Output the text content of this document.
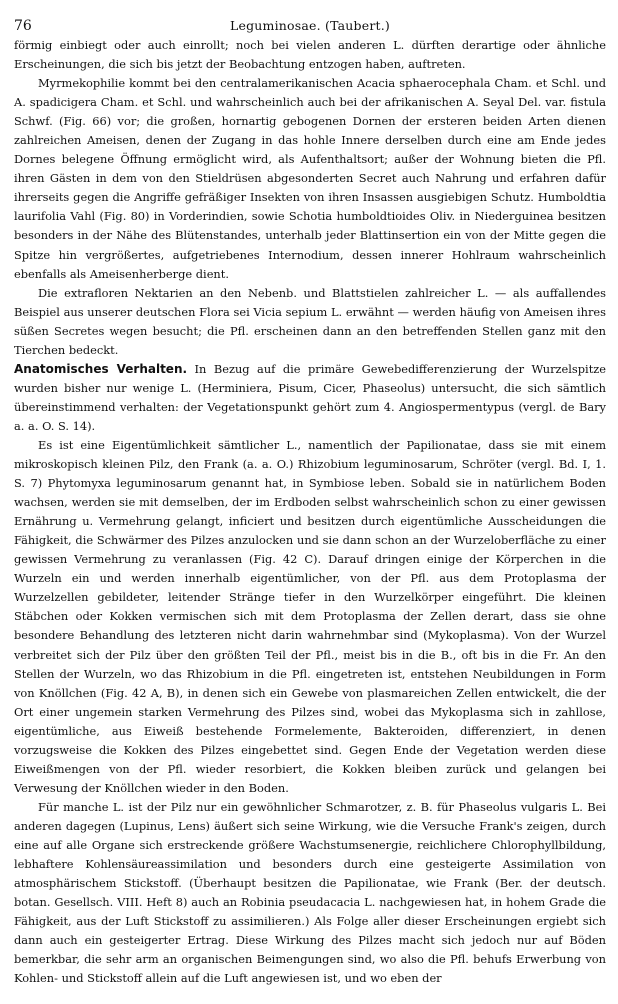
76	Leguminosae. (Taubert.)

förmig einbiegt oder auch einrollt; noch bei vielen anderen L. dürften derartige oder ähnliche Erscheinungen, die sich bis jetzt der Beobachtung entzogen haben, auftreten.

Myrmekophilie kommt bei den centralamerikanischen Acacia sphaerocephala Cham. et Schl. und A. spadicigera Cham. et Schl. und wahrscheinlich auch bei der afrikanischen A. Seyal Del. var. fistula Schwf. (Fig. 66) vor; die großen, hornartig gebogenen Dornen der ersteren beiden Arten dienen zahlreichen Ameisen, denen der Zugang in das hohle Innere derselben durch eine am Ende jedes Dornes belegene Öffnung ermöglicht wird, als Aufenthaltsort; außer der Wohnung bieten die Pfl. ihren Gästen in dem von den Stieldrüsen abgesonderten Secret auch Nahrung und erfahren dafür ihrerseits gegen die Angriffe gefräßiger Insekten von ihren Insassen ausgiebigen Schutz. Humboldtia laurifolia Vahl (Fig. 80) in Vorderindien, sowie Schotia humboldtioides Oliv. in Niederguinea besitzen besonders in der Nähe des Blütenstandes, unterhalb jeder Blattinsertion ein von der Mitte gegen die Spitze hin vergrößertes, aufgetriebenes Internodium, dessen innerer Hohlraum wahrscheinlich ebenfalls als Ameisenherberge dient.

Die extrafloren Nektarien an den Nebenb. und Blattstielen zahlreicher L. — als auffallendes Beispiel aus unserer deutschen Flora sei Vicia sepium L. erwähnt — werden häufig von Ameisen ihres süßen Secretes wegen besucht; die Pfl. erscheinen dann an den betreffenden Stellen ganz mit den Tierchen bedeckt.

Anatomisches Verhalten. In Bezug auf die primäre Gewebedifferenzierung der Wurzelspitze wurden bisher nur wenige L. (Herminiera, Pisum, Cicer, Phaseolus) untersucht, die sich sämtlich übereinstimmend verhalten: der Vegetationspunkt gehört zum 4. Angiospermentypus (vergl. de Bary a. a. O. S. 14).

Es ist eine Eigentümlichkeit sämtlicher L., namentlich der Papilionatae, dass sie mit einem mikroskopisch kleinen Pilz, den Frank (a. a. O.) Rhizobium leguminosarum, Schröter (vergl. Bd. I, 1. S. 7) Phytomyxa leguminosarum genannt hat, in Symbiose leben. Sobald sie in natürlichem Boden wachsen, werden sie mit demselben, der im Erdboden selbst wahrscheinlich schon zu einer gewissen Ernährung u. Vermehrung gelangt, inficiert und besitzen durch eigentümliche Ausscheidungen die Fähigkeit, die Schwärmer des Pilzes anzulocken und sie dann schon an der Wurzeloberfläche zu einer gewissen Vermehrung zu veranlassen (Fig. 42 C). Darauf dringen einige der Körperchen in die Wurzeln ein und werden innerhalb eigentümlicher, von der Pfl. aus dem Protoplasma der Wurzelzellen gebildeter, leitender Stränge tiefer in den Wurzelkörper eingeführt. Die kleinen Stäbchen oder Kokken vermischen sich mit dem Protoplasma der Zellen derart, dass sie ohne besondere Behandlung des letzteren nicht darin wahrnehmbar sind (Mykoplasma). Von der Wurzel verbreitet sich der Pilz über den größten Teil der Pfl., meist bis in die B., oft bis in die Fr. An den Stellen der Wurzeln, wo das Rhizobium in die Pfl. eingetreten ist, entstehen Neubildungen in Form von Knöllchen (Fig. 42 A, B), in denen sich ein Gewebe von plasmareichen Zellen entwickelt, die der Ort einer ungemein starken Vermehrung des Pilzes sind, wobei das Mykoplasma sich in zahllose, eigentümliche, aus Eiweiß bestehende Formelemente, Bakteroiden, differenziert, in denen vorzugsweise die Kokken des Pilzes eingebettet sind. Gegen Ende der Vegetation werden diese Eiweißmengen von der Pfl. wieder resorbiert, die Kokken bleiben zurück und gelangen bei Verwesung der Knöllchen wieder in den Boden.

Für manche L. ist der Pilz nur ein gewöhnlicher Schmarotzer, z. B. für Phaseolus vulgaris L. Bei anderen dagegen (Lupinus, Lens) äußert sich seine Wirkung, wie die Versuche Frank's zeigen, durch eine auf alle Organe sich erstreckende größere Wachstumsenergie, reichlichere Chlorophyllbildung, lebhaftere Kohlensäureassimilation und besonders durch eine gesteigerte Assimilation von atmosphärischem Stickstoff. (Überhaupt besitzen die Papilionatae, wie Frank (Ber. der deutsch. botan. Gesellsch. VIII. Heft 8) auch an Robinia pseudacacia L. nachgewiesen hat, in hohem Grade die Fähigkeit, aus der Luft Stickstoff zu assimilieren.) Als Folge aller dieser Erscheinungen ergiebt sich dann auch ein gesteigerter Ertrag. Diese Wirkung des Pilzes macht sich jedoch nur auf Böden bemerkbar, die sehr arm an organischen Beimengungen sind, wo also die Pfl. behufs Erwerbung von Kohlen- und Stickstoff allein auf die Luft angewiesen ist, und wo eben der
